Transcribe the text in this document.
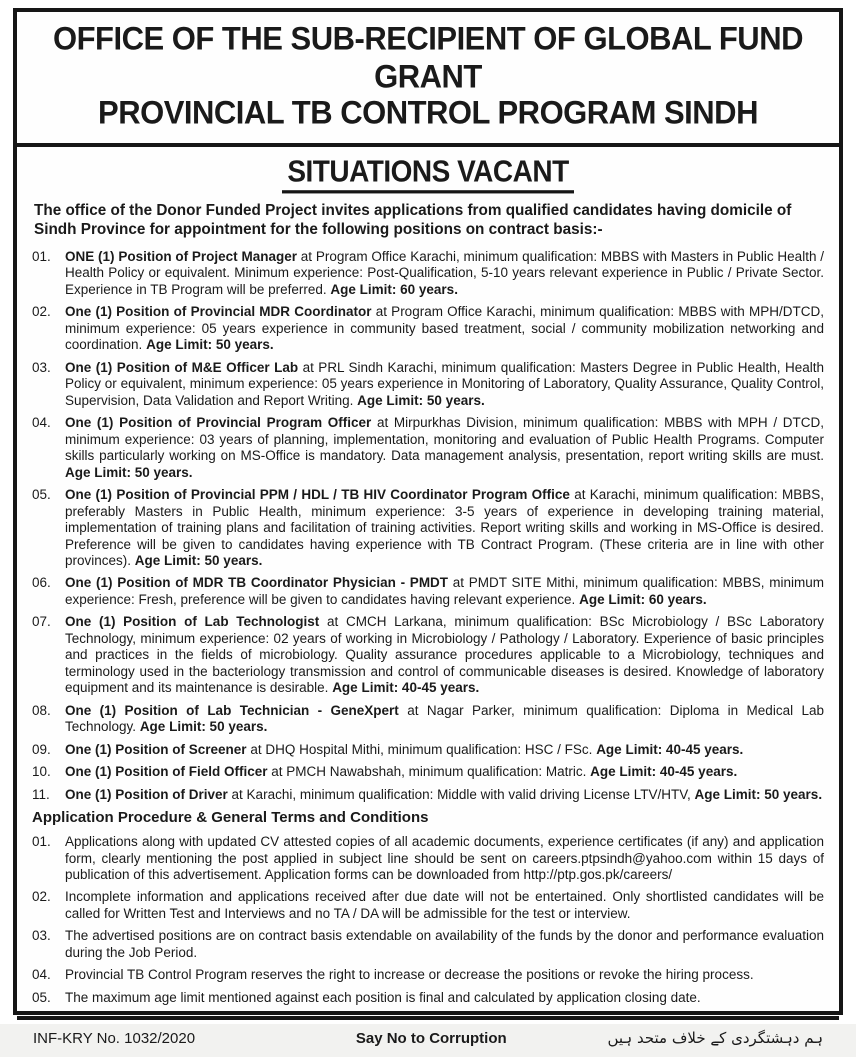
OFFICE OF THE SUB-RECIPIENT OF GLOBAL FUND GRANT
PROVINCIAL TB CONTROL PROGRAM SINDH
SITUATIONS VACANT

The office of the Donor Funded Project invites applications from qualified candidates having domicile of Sindh Province for appointment for the following positions on contract basis:-

01.	ONE (1) Position of Project Manager at Program Office Karachi, minimum qualification: MBBS with Masters in Public Health / Health Policy or equivalent. Minimum experience: Post-Qualification, 5-10 years relevant experience in Public / Private Sector. Experience in TB Program will be preferred. Age Limit: 60 years.
02.	One (1) Position of Provincial MDR Coordinator at Program Office Karachi, minimum qualification: MBBS with MPH/DTCD, minimum experience: 05 years experience in community based treatment, social / community mobilization networking and coordination. Age Limit: 50 years.
03.	One (1) Position of M&E Officer Lab at PRL Sindh Karachi, minimum qualification: Masters Degree in Public Health, Health Policy or equivalent, minimum experience: 05 years experience in Monitoring of Laboratory, Quality Assurance, Quality Control, Supervision, Data Validation and Report Writing. Age Limit: 50 years.
04.	One (1) Position of Provincial Program Officer at Mirpurkhas Division, minimum qualification: MBBS with MPH / DTCD, minimum experience: 03 years of planning, implementation, monitoring and evaluation of Public Health Programs. Computer skills particularly working on MS-Office is mandatory. Data management analysis, presentation, report writing skills are must. Age Limit: 50 years.
05.	One (1) Position of Provincial PPM / HDL / TB HIV Coordinator Program Office at Karachi, minimum qualification: MBBS, preferably Masters in Public Health, minimum experience: 3-5 years of experience in developing training material, implementation of training plans and facilitation of training activities. Report writing skills and working in MS-Office is desired. Preference will be given to candidates having experience with TB Contract Program. (These criteria are in line with other provinces). Age Limit: 50 years.
06.	One (1) Position of MDR TB Coordinator Physician - PMDT at PMDT SITE Mithi, minimum qualification: MBBS, minimum experience: Fresh, preference will be given to candidates having relevant experience. Age Limit: 60 years.
07.	One (1) Position of Lab Technologist at CMCH Larkana, minimum qualification: BSc Microbiology / BSc Laboratory Technology, minimum experience: 02 years of working in Microbiology / Pathology / Laboratory. Experience of basic principles and practices in the fields of microbiology. Quality assurance procedures applicable to a Microbiology, techniques and terminology used in the bacteriology transmission and control of communicable diseases is desired. Knowledge of laboratory equipment and its maintenance is desirable. Age Limit: 40-45 years.
08.	One (1) Position of Lab Technician - GeneXpert at Nagar Parker, minimum qualification: Diploma in Medical Lab Technology. Age Limit: 50 years.
09.	One (1) Position of Screener at DHQ Hospital Mithi, minimum qualification: HSC / FSc. Age Limit: 40-45 years.
10.	One (1) Position of Field Officer at PMCH Nawabshah, minimum qualification: Matric. Age Limit: 40-45 years.
11.	One (1) Position of Driver at Karachi, minimum qualification: Middle with valid driving License LTV/HTV, Age Limit: 50 years.
Application Procedure & General Terms and Conditions
01.	Applications along with updated CV attested copies of all academic documents, experience certificates (if any) and application form, clearly mentioning the post applied in subject line should be sent on careers.ptpsindh@yahoo.com within 15 days of publication of this advertisement. Application forms can be downloaded from http://ptp.gos.pk/careers/
02.	Incomplete information and applications received after due date will not be entertained. Only shortlisted candidates will be called for Written Test and Interviews and no TA / DA will be admissible for the test or interview.
03.	The advertised positions are on contract basis extendable on availability of the funds by the donor and performance evaluation during the Job Period.
04.	Provincial TB Control Program reserves the right to increase or decrease the positions or revoke the hiring process.
05.	The maximum age limit mentioned against each position is final and calculated by application closing date.
INF-KRY No. 1032/2020	Say No to Corruption	ہم دہشتگردی کے خلاف متحد ہیں
